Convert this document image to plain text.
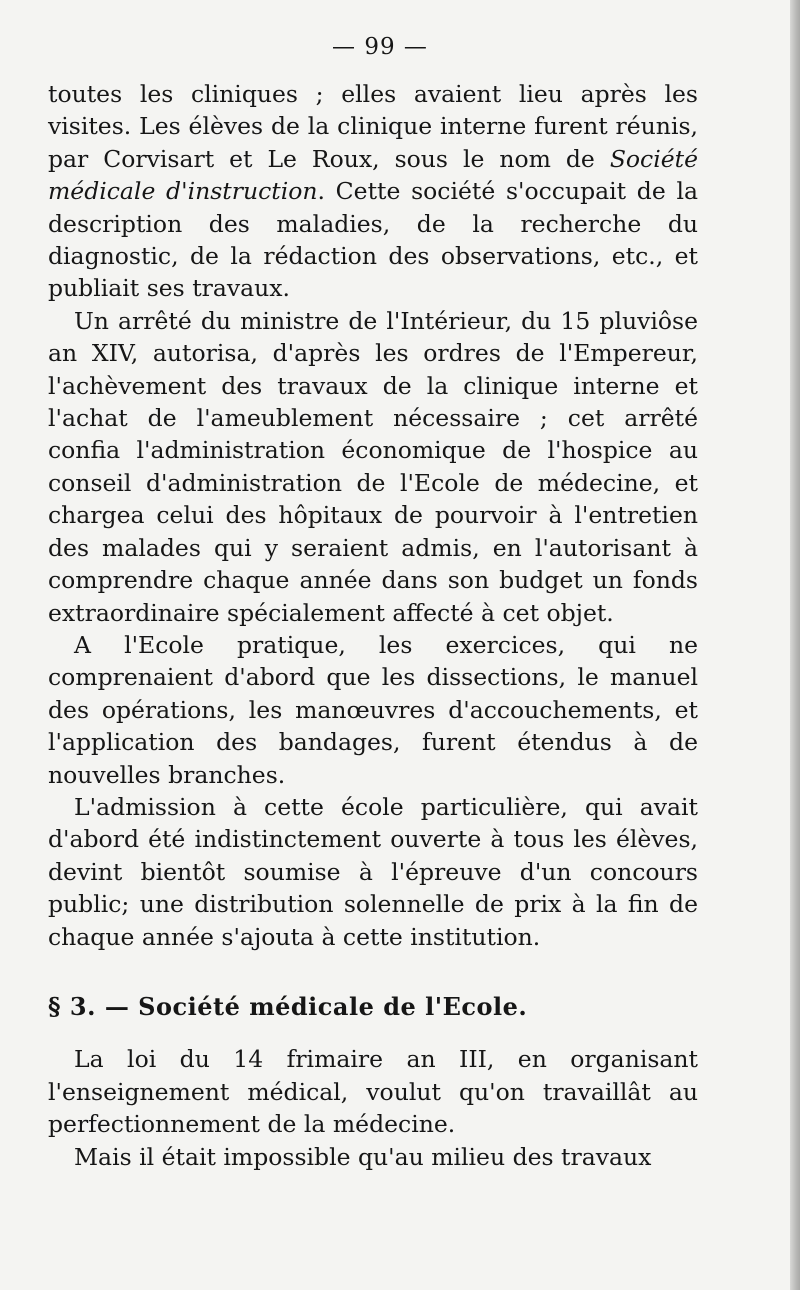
— 99 —

toutes les cliniques ; elles avaient lieu après les visites. Les élèves de la clinique interne furent réunis, par Corvisart et Le Roux, sous le nom de Société médicale d'instruction. Cette société s'occupait de la description des maladies, de la recherche du diagnostic, de la rédaction des observations, etc., et publiait ses travaux.

Un arrêté du ministre de l'Intérieur, du 15 pluviôse an XIV, autorisa, d'après les ordres de l'Empereur, l'achèvement des travaux de la clinique interne et l'achat de l'ameublement nécessaire ; cet arrêté confia l'administration économique de l'hospice au conseil d'administration de l'Ecole de médecine, et chargea celui des hôpitaux de pourvoir à l'entretien des malades qui y seraient admis, en l'autorisant à comprendre chaque année dans son budget un fonds extraordinaire spécialement affecté à cet objet.

A l'Ecole pratique, les exercices, qui ne comprenaient d'abord que les dissections, le manuel des opérations, les manœuvres d'accouchements, et l'application des bandages, furent étendus à de nouvelles branches.

L'admission à cette école particulière, qui avait d'abord été indistinctement ouverte à tous les élèves, devint bientôt soumise à l'épreuve d'un concours public; une distribution solennelle de prix à la fin de chaque année s'ajouta à cette institution.

§ 3. — Société médicale de l'Ecole.

La loi du 14 frimaire an III, en organisant l'enseignement médical, voulut qu'on travaillât au perfectionnement de la médecine.

Mais il était impossible qu'au milieu des travaux
